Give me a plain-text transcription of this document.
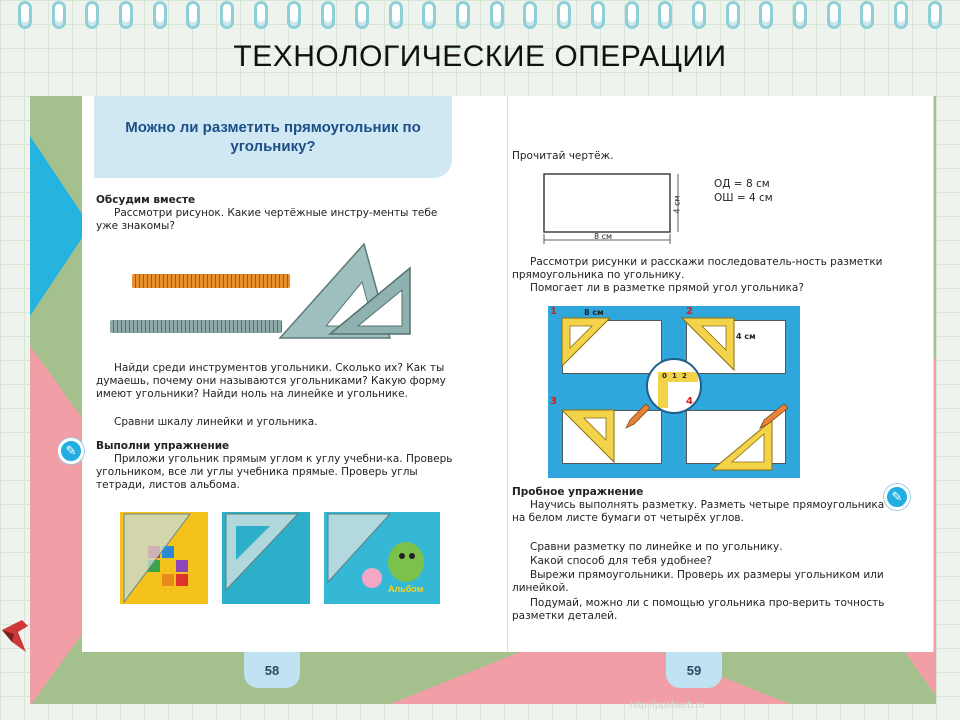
ТЕХНОЛОГИЧЕСКИЕ ОПЕРАЦИИ
Можно ли разметить прямоугольник по угольнику?
Обсудим вместе
Рассмотри рисунок. Какие чертёжные инстру-менты тебе уже знакомы?
Найди среди инструментов угольники. Сколько их? Как ты думаешь, почему они называются угольниками? Какую форму имеют угольники? Найди ноль на линейке и угольнике.
Сравни шкалу линейки и угольника.
Выполни упражнение
Приложи угольник прямым углом к углу учебни-ка. Проверь угольником, все ли углы учебника прямые. Проверь углы тетради, листов альбома.
Альбом
58
Прочитай чертёж.
8 см
4 см
ОД = 8 см
ОШ = 4 см
Рассмотри рисунки и расскажи последователь-ность разметки прямоугольника по угольнику.
Помогает ли в разметке прямой угол угольника?
0 1 2
1	2
3	4
8 см
4 см
Пробное упражнение
Научись выполнять разметку. Разметь четыре прямоугольника на белом листе бумаги от четырёх углов.
Сравни разметку по линейке и по угольнику.
Какой способ для тебя удобнее?
Вырежи прямоугольники. Проверь их размеры угольником или линейкой.
Подумай, можно ли с помощью угольника про-верить точность разметки деталей.
59
✎
✎
http://ppt4web.ru
